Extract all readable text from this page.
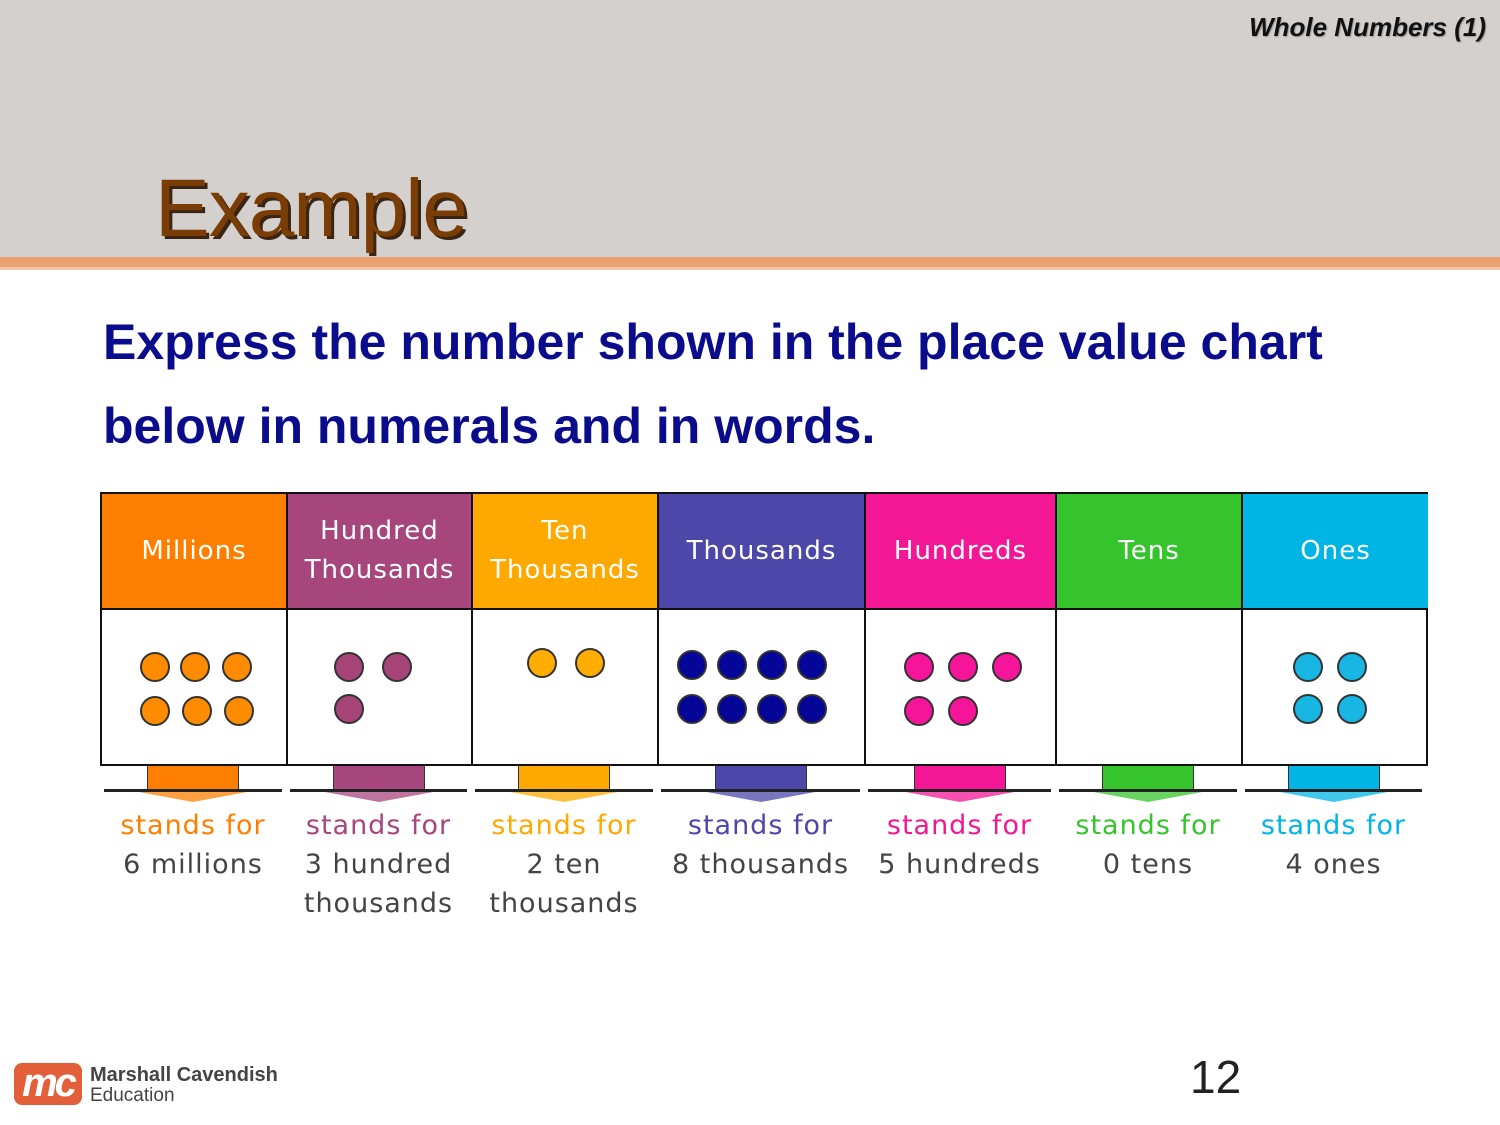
Whole Numbers (1)
Example
Express the number shown in the place value chart below in numerals and in words.
Millions
Hundred
Thousands
Ten
Thousands
Thousands Hundreds	Tens	Ones
stands for
6 millions
stands for
3 hundred
thousands
stands for
2 ten
thousands
stands for
8 thousands
stands for
5 hundreds
stands for
0 tens
stands for
4 ones
12
mc Marshall Cavendish
Education
